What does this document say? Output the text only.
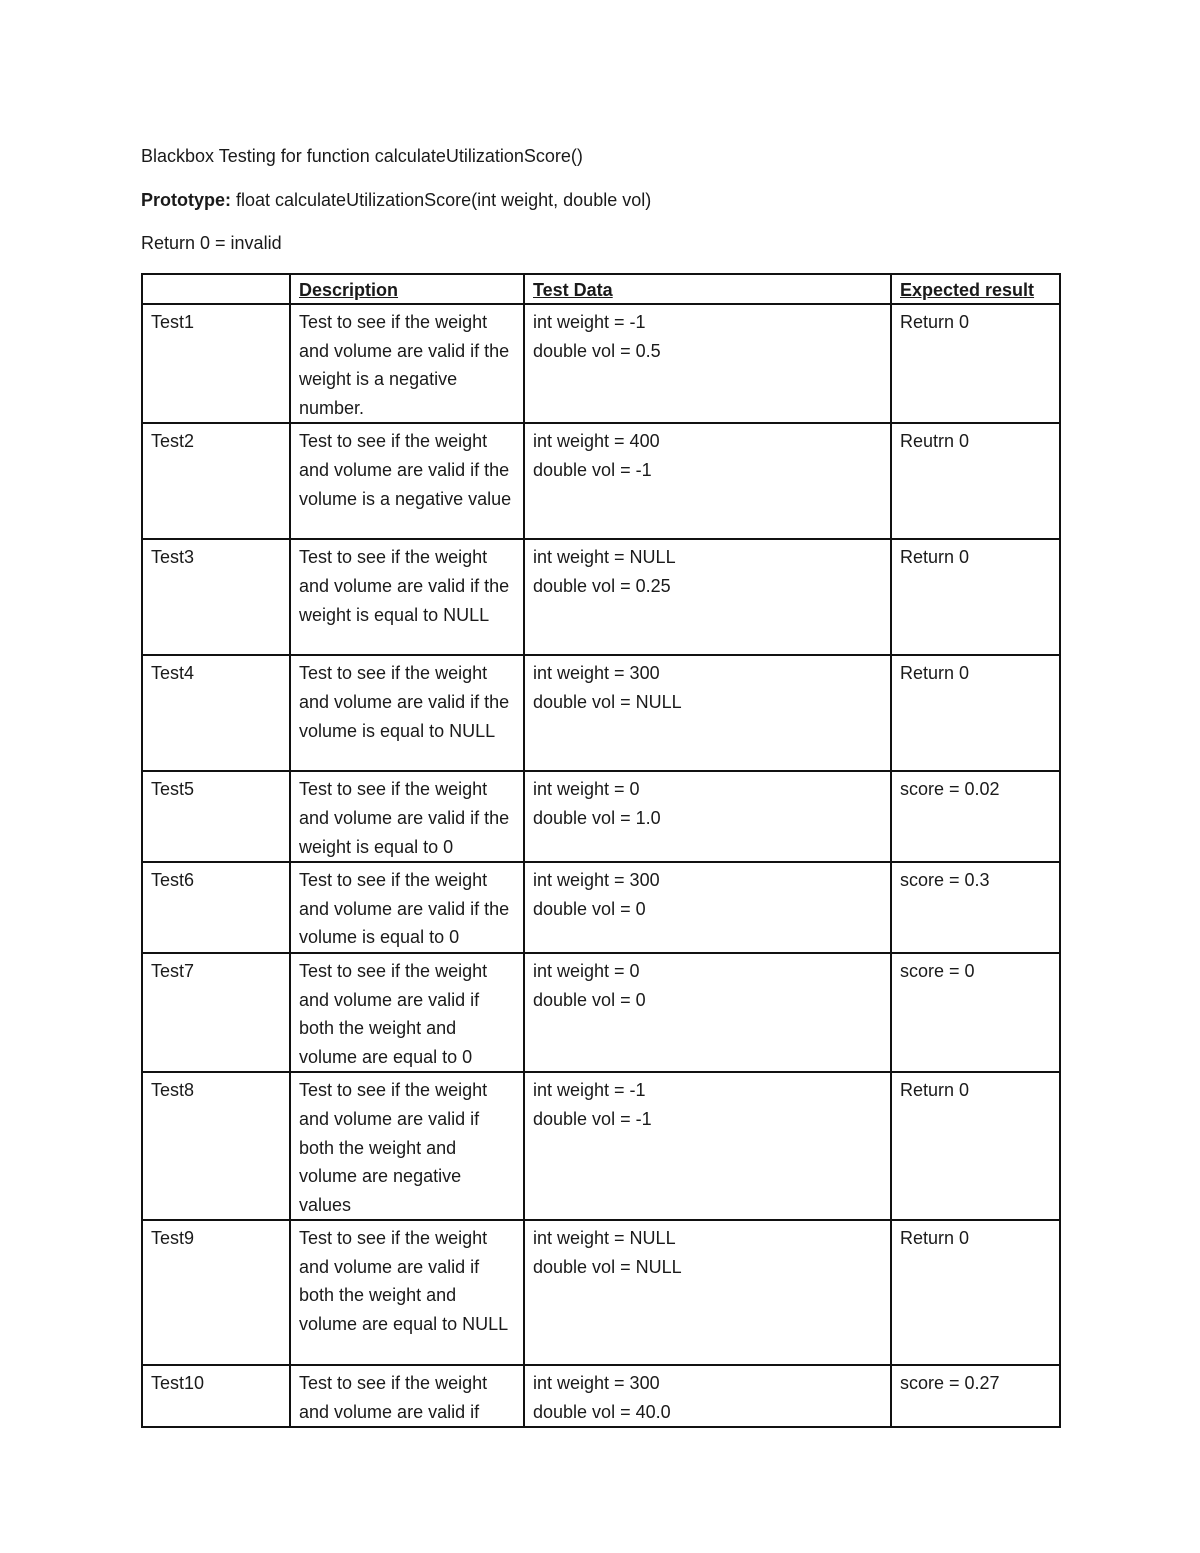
Blackbox Testing for function calculateUtilizationScore()
Prototype: float calculateUtilizationScore(int weight, double vol)
Return 0 = invalid
	Description	Test Data	Expected result
Test1	Test to see if the weight and volume are valid if the weight is a negative number.	int weight = -1
double vol = 0.5	Return 0
Test2	Test to see if the weight and volume are valid if the volume is a negative value	int weight = 400
double vol = -1	Reutrn 0
Test3	Test to see if the weight and volume are valid if the weight is equal to NULL	int weight = NULL
double vol = 0.25	Return 0
Test4	Test to see if the weight and volume are valid if the volume is equal to NULL	int weight = 300
double vol = NULL	Return 0
Test5	Test to see if the weight and volume are valid if the weight is equal to 0	int weight = 0
double vol = 1.0	score = 0.02
Test6	Test to see if the weight and volume are valid if the volume is equal to 0	int weight = 300
double vol = 0	score = 0.3
Test7	Test to see if the weight and volume are valid if both the weight and volume are equal to 0	int weight = 0
double vol = 0	score = 0
Test8	Test to see if the weight and volume are valid if both the weight and volume are negative values	int weight = -1
double vol = -1	Return 0
Test9	Test to see if the weight and volume are valid if both the weight and volume are equal to NULL	int weight = NULL
double vol = NULL	Return 0
Test10	Test to see if the weight and volume are valid if	int weight = 300
double vol = 40.0	score = 0.27
